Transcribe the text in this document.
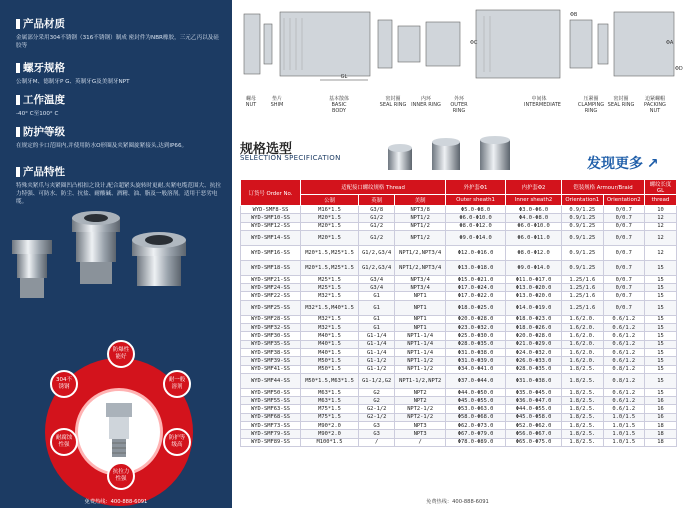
产品材质

金属部分采用304不锈钢（316不锈钢）制成 密封件为NBR橡胶，三元乙丙以及硅胶等

螺牙规格

公制牙M、德制牙P G、英制牙G及美制牙NPT

工作温度

-40° C至100° C

防护等级

在规定的卡口范围内,并使用防水O形圈及夹紧圈旋紧接头,达到IP66。

产品特性

特殊夹紧爪与夹紧圈凹凸相扣之设计,配合超紧头旋转时更耐,夹紧电缆范围大、抗拉力特强、可防水、防尘、抗盐、耐酸碱、酒精、油、脂及一般溶剂。适用于恶劣电缆。

防爆性能好
耐一般溶剂
防护等级高
抗拉力性强
耐腐蚀性强
304不锈钢
免费热线：400-888-6091
GL
ΦA
ΦB
ΦC
ΦD
螺母
NUT
垫片
SHIM
基本散体
BASIC BODY
密封圈
SEAL RING
内环
INNER RING
外环
OUTER RING
中间体
INTERMEDIATE
压紧圈
CLAMPING RING
密封圈
SEAL RING
迫紧螺帽
PACKING NUT
规格选型
SELECTION SPECIFICATION	发现更多 ↗
订货号 Order No.	适配接口螺纹规格 Thread			外护套Φ1	内护套Φ2	铠装规格 Armour/Braid		螺纹长度 GL
	公制	英制	美制	Outer sheath1	Inner sheath2	Orientation1	Orientation2	thread
WYD-SMF8-SS	M16*1.5	G3/8	NPT3/8	Φ5.0-Φ8.0	Φ3.0-Φ6.0	0.9/1.25	0/0.7	10
WYD-SMF10-SS	M20*1.5	G1/2	NPT1/2	Φ6.0-Φ10.0	Φ4.0-Φ8.0	0.9/1.25	0/0.7	12
WYD-SMF12-SS	M20*1.5	G1/2	NPT1/2	Φ8.0-Φ12.0	Φ6.0-Φ10.0	0.9/1.25	0/0.7	12
WYD-SMF14-SS	M20*1.5	G1/2	NPT1/2	Φ9.0-Φ14.0	Φ6.0-Φ11.0	0.9/1.25	0/0.7	12
WYD-SMF16-SS	M20*1.5,M25*1.5	G1/2,G3/4	NPT1/2,NPT3/4	Φ12.0-Φ16.0	Φ8.0-Φ12.0	0.9/1.25	0/0.7	12
WYD-SMF18-SS	M20*1.5,M25*1.5	G1/2,G3/4	NPT1/2,NPT3/4	Φ13.0-Φ18.0	Φ9.0-Φ14.0	0.9/1.25	0/0.7	15
WYD-SMF21-SS	M25*1.5	G3/4	NPT3/4	Φ15.0-Φ21.0	Φ11.0-Φ17.0	1.25/1.6	0/0.7	15
WYD-SMF24-SS	M25*1.5	G3/4	NPT3/4	Φ17.0-Φ24.0	Φ13.0-Φ20.0	1.25/1.6	0/0.7	15
WYD-SMF22-SS	M32*1.5	G1	NPT1	Φ17.0-Φ22.0	Φ13.0-Φ20.0	1.25/1.6	0/0.7	15
WYD-SMF25-SS	M32*1.5,M40*1.5	G1	NPT1	Φ18.0-Φ25.0	Φ14.0-Φ19.0	1.25/1.6	0/0.7	15
WYD-SMF28-SS	M32*1.5	G1	NPT1	Φ20.0-Φ28.0	Φ18.0-Φ23.0	1.6/2.0.	0.6/1.2	15
WYD-SMF32-SS	M32*1.5	G1	NPT1	Φ23.0-Φ32.0	Φ18.0-Φ26.0	1.6/2.0.	0.6/1.2	15
WYD-SMF30-SS	M40*1.5	G1-1/4	NPT1-1/4	Φ25.0-Φ30.0	Φ20.0-Φ28.0	1.6/2.0.	0.6/1.2	15
WYD-SMF35-SS	M40*1.5	G1-1/4	NPT1-1/4	Φ28.0-Φ35.0	Φ21.0-Φ29.0	1.6/2.0.	0.6/1.2	15
WYD-SMF38-SS	M40*1.5	G1-1/4	NPT1-1/4	Φ31.0-Φ38.0	Φ24.0-Φ32.0	1.6/2.0.	0.6/1.2	15
WYD-SMF39-SS	M50*1.5	G1-1/2	NPT1-1/2	Φ31.0-Φ39.0	Φ26.0-Φ33.0	1.6/2.0.	0.6/1.2	15
WYD-SMF41-SS	M50*1.5	G1-1/2	NPT1-1/2	Φ34.0-Φ41.0	Φ28.0-Φ35.0	1.8/2.5.	0.8/1.2	15
WYD-SMF44-SS	M50*1.5,M63*1.5	G1-1/2,G2	NPT1-1/2,NPT2	Φ37.0-Φ44.0	Φ31.0-Φ38.0	1.8/2.5.	0.8/1.2	15
WYD-SMF50-SS	M63*1.5	G2	NPT2	Φ44.0-Φ50.0	Φ35.0-Φ45.0	1.8/2.5.	0.6/1.2	15
WYD-SMF55-SS	M63*1.5	G2	NPT2	Φ45.0-Φ55.0	Φ36.0-Φ47.0	1.8/2.5.	0.6/1.2	16
WYD-SMF63-SS	M75*1.5	G2-1/2	NPT2-1/2	Φ53.0-Φ63.0	Φ44.0-Φ55.0	1.8/2.5.	0.6/1.2	16
WYD-SMF68-SS	M75*1.5	G2-1/2	NPT2-1/2	Φ58.0-Φ68.0	Φ45.0-Φ58.0	1.8/2.5.	1.0/1.5	16
WYD-SMF73-SS	M90*2.0	G3	NPT3	Φ62.0-Φ73.0	Φ52.0-Φ62.0	1.8/2.5.	1.0/1.5	18
WYD-SMF79-SS	M90*2.0	G3	NPT3	Φ67.0-Φ79.0	Φ56.0-Φ67.0	1.8/2.5.	1.0/1.5	18
WYD-SMF89-SS	M100*1.5	/	/	Φ78.0-Φ89.0	Φ65.0-Φ75.0	1.8/2.5.	1.0/1.5	18
免费热线：400-888-6091
